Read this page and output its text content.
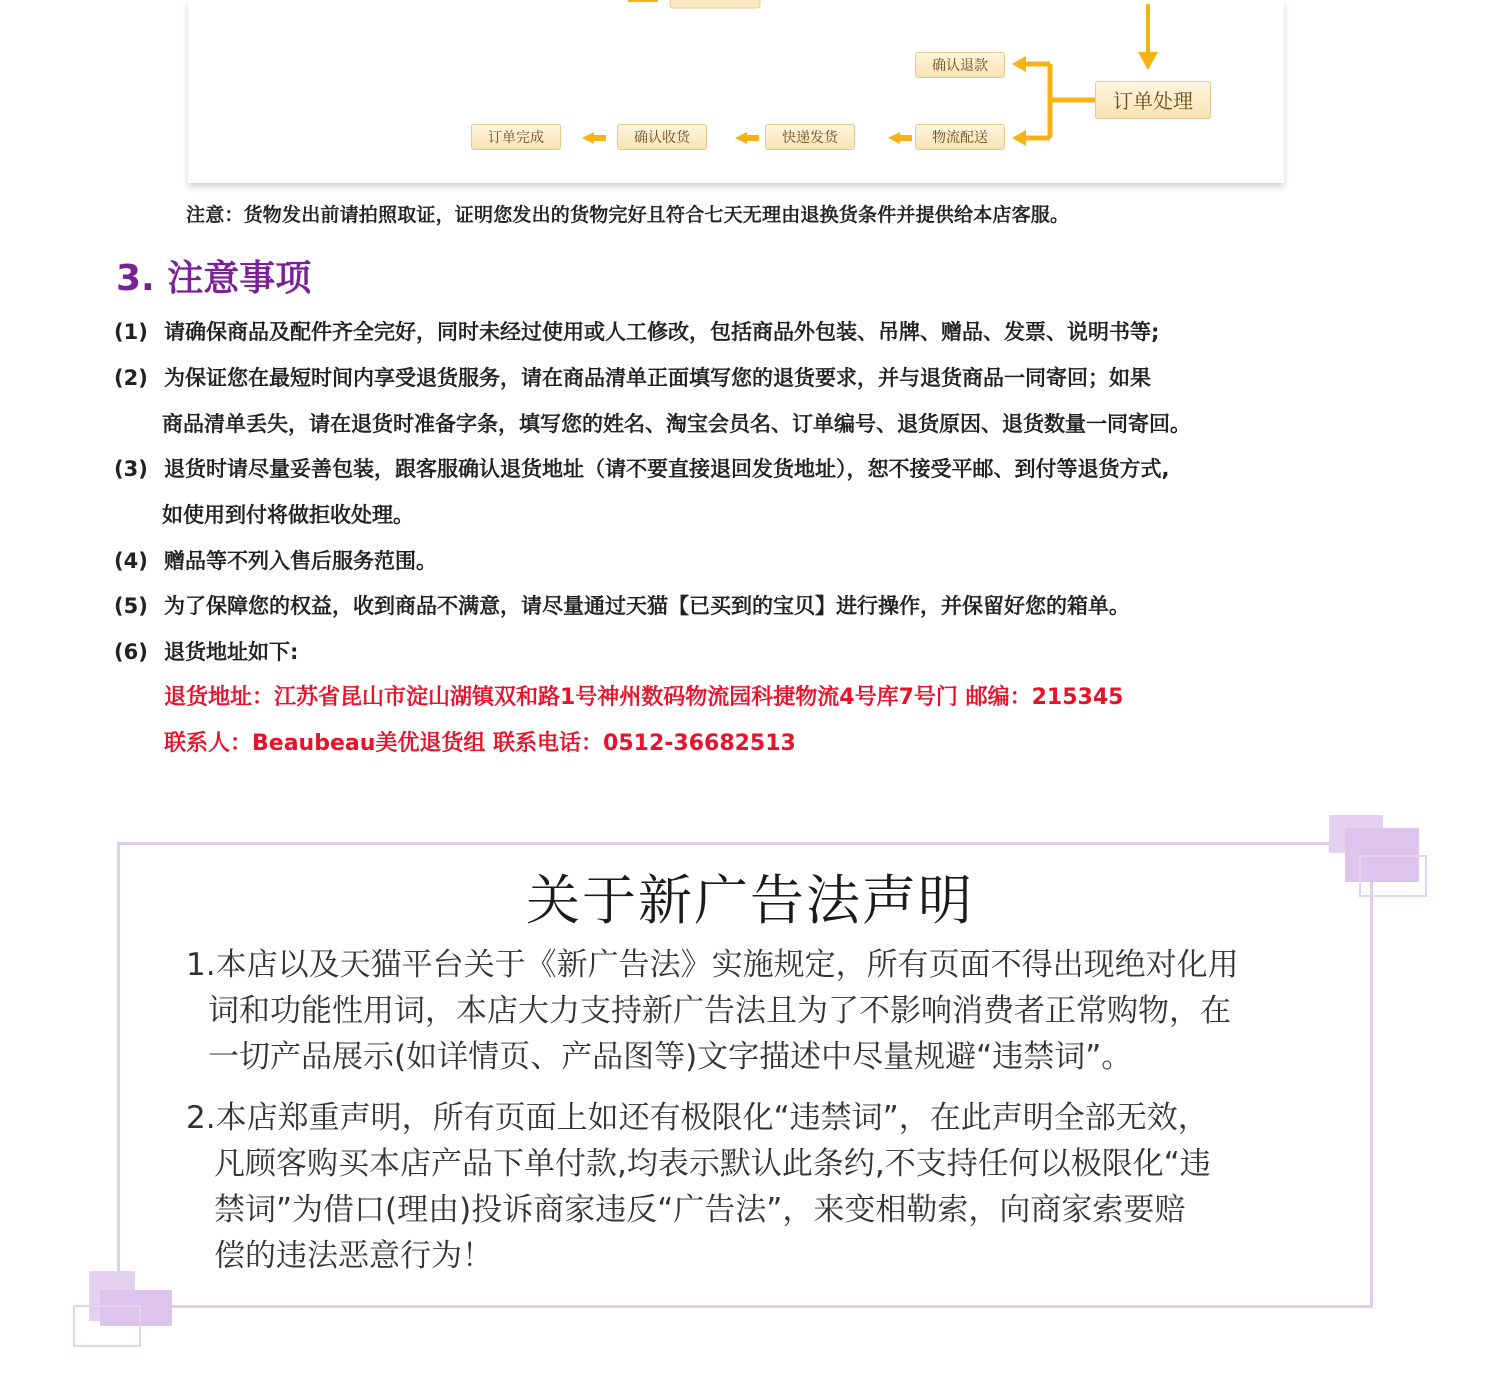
确认退款
订单处理
订单完成	确认收货	快递发货	物流配送
注意：货物发出前请拍照取证，证明您发出的货物完好且符合七天无理由退换货条件并提供给本店客服。
3. 注意事项
(1) 请确保商品及配件齐全完好，同时未经过使用或人工修改，包括商品外包装、吊牌、赠品、发票、说明书等;
(2) 为保证您在最短时间内享受退货服务，请在商品清单正面填写您的退货要求，并与退货商品一同寄回；如果
商品清单丢失，请在退货时准备字条，填写您的姓名、淘宝会员名、订单编号、退货原因、退货数量一同寄回。
(3) 退货时请尽量妥善包装，跟客服确认退货地址（请不要直接退回发货地址），恕不接受平邮、到付等退货方式,
如使用到付将做拒收处理。
(4) 赠品等不列入售后服务范围。
(5) 为了保障您的权益，收到商品不满意，请尽量通过天猫【已买到的宝贝】进行操作，并保留好您的箱单。
(6) 退货地址如下:
退货地址：江苏省昆山市淀山湖镇双和路1号神州数码物流园科捷物流4号库7号门 邮编：215345
联系人：Beaubeau美优退货组 联系电话：0512-36682513
关于新广告法声明
1.本店以及天猫平台关于《新广告法》实施规定，所有页面不得出现绝对化用
词和功能性用词，本店大力支持新广告法且为了不影响消费者正常购物，在
一切产品展示(如详情页、产品图等)文字描述中尽量规避“违禁词”。
2.本店郑重声明，所有页面上如还有极限化“违禁词”，在此声明全部无效，
凡顾客购买本店产品下单付款,均表示默认此条约,不支持任何以极限化“违
禁词”为借口(理由)投诉商家违反“广告法”，来变相勒索，向商家索要赔
偿的违法恶意行为！
